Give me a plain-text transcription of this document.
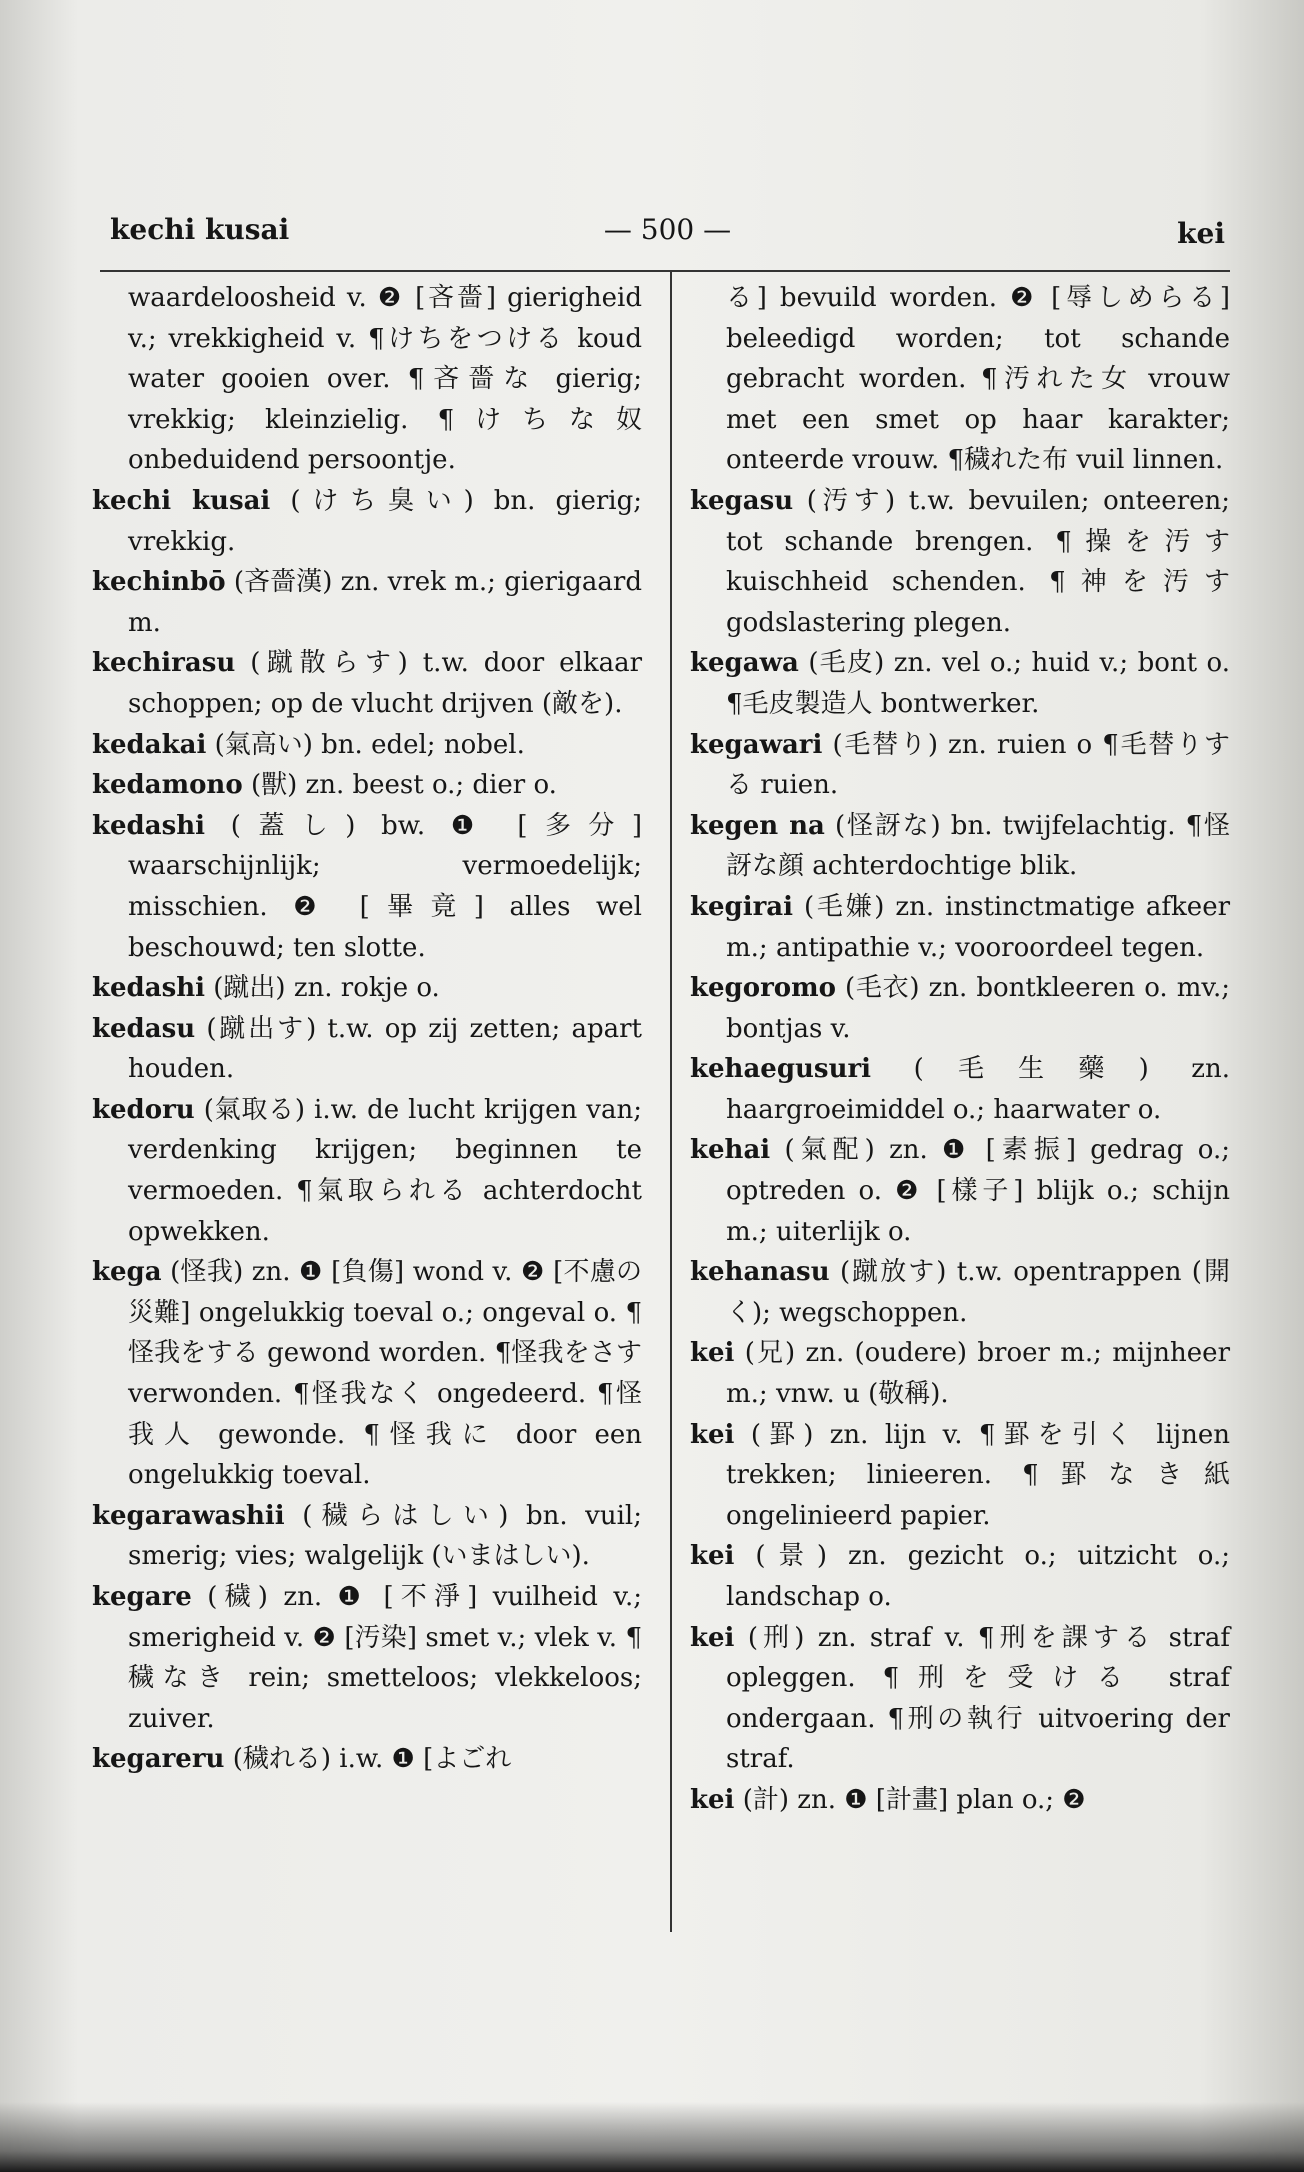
kechi kusai	— 500 —	kei

waardeloosheid v. ❷ [吝嗇] gierigheid v.; vrekkigheid v. ¶けちをつける koud water gooien over. ¶吝嗇な gierig; vrekkig; kleinzielig. ¶けちな奴 onbeduidend persoontje.

kechi kusai (けち臭い) bn. gierig; vrekkig.

kechinbō (吝嗇漢) zn. vrek m.; gierigaard m.

kechirasu (蹴散らす) t.w. door elkaar schoppen; op de vlucht drijven (敵を).

kedakai (氣高い) bn. edel; nobel.

kedamono (獸) zn. beest o.; dier o.

kedashi (蓋し) bw. ❶ [多分] waarschijnlijk; vermoedelijk; misschien. ❷ [畢竟] alles wel beschouwd; ten slotte.

kedashi (蹴出) zn. rokje o.

kedasu (蹴出す) t.w. op zij zetten; apart houden.

kedoru (氣取る) i.w. de lucht krijgen van; verdenking krijgen; beginnen te vermoeden. ¶氣取られる achterdocht opwekken.

kega (怪我) zn. ❶ [負傷] wond v. ❷ [不慮の災難] ongelukkig toeval o.; ongeval o. ¶怪我をする gewond worden. ¶怪我をさす verwonden. ¶怪我なく ongedeerd. ¶怪我人 gewonde. ¶怪我に door een ongelukkig toeval.

kegarawashii (穢らはしい) bn. vuil; smerig; vies; walgelijk (いまはしい).

kegare (穢) zn. ❶ [不淨] vuilheid v.; smerigheid v. ❷ [汚染] smet v.; vlek v. ¶穢なき rein; smetteloos; vlekkeloos; zuiver.

kegareru (穢れる) i.w. ❶ [よごれ

る] bevuild worden. ❷ [辱しめらる] beleedigd worden; tot schande gebracht worden. ¶汚れた女 vrouw met een smet op haar karakter; onteerde vrouw. ¶穢れた布 vuil linnen.

kegasu (汚す) t.w. bevuilen; onteeren; tot schande brengen. ¶操を汚す kuischheid schenden. ¶神を汚す godslastering plegen.

kegawa (毛皮) zn. vel o.; huid v.; bont o. ¶毛皮製造人 bontwerker.

kegawari (毛替り) zn. ruien o ¶毛替りする ruien.

kegen na (怪訝な) bn. twijfelachtig. ¶怪訝な顔 achterdochtige blik.

kegirai (毛嫌) zn. instinctmatige afkeer m.; antipathie v.; vooroordeel tegen.

kegoromo (毛衣) zn. bontkleeren o. mv.; bontjas v.

kehaegusuri (毛生藥) zn. haargroeimiddel o.; haarwater o.

kehai (氣配) zn. ❶ [素振] gedrag o.; optreden o. ❷ [樣子] blijk o.; schijn m.; uiterlijk o.

kehanasu (蹴放す) t.w. opentrappen (開く); wegschoppen.

kei (兄) zn. (oudere) broer m.; mijnheer m.; vnw. u (敬稱).

kei (罫) zn. lijn v. ¶罫を引く lijnen trekken; linieeren. ¶罫なき紙 ongelinieerd papier.

kei (景) zn. gezicht o.; uitzicht o.; landschap o.

kei (刑) zn. straf v. ¶刑を課する straf opleggen. ¶刑を受ける straf ondergaan. ¶刑の執行 uitvoering der straf.

kei (計) zn. ❶ [計畫] plan o.; ❷
